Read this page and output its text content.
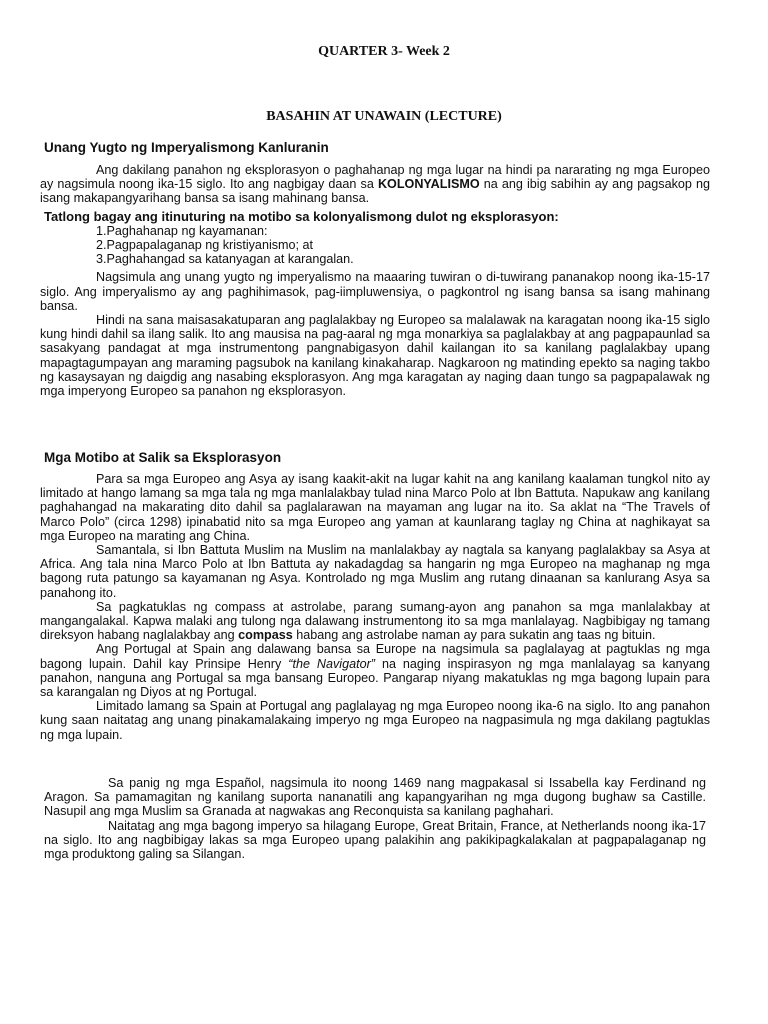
QUARTER 3- Week 2
BASAHIN AT UNAWAIN (LECTURE)
Unang Yugto ng Imperyalismong Kanluranin

Ang dakilang panahon ng eksplorasyon o paghahanap ng mga lugar na hindi pa nararating ng mga Europeo ay nagsimula noong ika-15 siglo. Ito ang nagbigay daan sa KOLONYALISMO na ang ibig sabihin ay ang pagsakop ng isang makapangyarihang bansa sa isang mahinang bansa.

Tatlong bagay ang itinuturing na motibo sa kolonyalismong dulot ng eksplorasyon:

1.Paghahanap ng kayamanan:
2.Pagpapalaganap ng kristiyanismo; at
3.Paghahangad sa katanyagan at karangalan.

Nagsimula ang unang yugto ng imperyalismo na maaaring tuwiran o di-tuwirang pananakop noong ika-15-17 siglo. Ang imperyalismo ay ang paghihimasok, pag-iimpluwensiya, o pagkontrol ng isang bansa sa isang mahinang bansa.

Hindi na sana maisasakatuparan ang paglalakbay ng Europeo sa malalawak na karagatan noong ika-15 siglo kung hindi dahil sa ilang salik. Ito ang mausisa na pag-aaral ng mga monarkiya sa paglalakbay at ang pagpapaunlad sa sasakyang pandagat at mga instrumentong pangnabigasyon dahil kailangan ito sa kanilang paglalakbay upang mapagtagumpayan ang maraming pagsubok na kanilang kinakaharap. Nagkaroon ng matinding epekto sa naging takbo ng kasaysayan ng daigdig ang nasabing eksplorasyon. Ang mga karagatan ay naging daan tungo sa pagpapalawak ng mga imperyong Europeo sa panahon ng eksplorasyon.

Mga Motibo at Salik sa Eksplorasyon

Para sa mga Europeo ang Asya ay isang kaakit-akit na lugar kahit na ang kanilang kaalaman tungkol nito ay limitado at hango lamang sa mga tala ng mga manlalakbay tulad nina Marco Polo at Ibn Battuta. Napukaw ang kanilang paghahangad na makarating dito dahil sa paglalarawan na mayaman ang lugar na ito. Sa aklat na “The Travels of Marco Polo” (circa 1298) ipinabatid nito sa mga Europeo ang yaman at kaunlarang taglay ng China at naghikayat sa mga Europeo na marating ang China.

Samantala, si Ibn Battuta Muslim na Muslim na manlalakbay ay nagtala sa kanyang paglalakbay sa Asya at Africa. Ang tala nina Marco Polo at Ibn Battuta ay nakadagdag sa hangarin ng mga Europeo na maghanap ng mga bagong ruta patungo sa kayamanan ng Asya. Kontrolado ng mga Muslim ang rutang dinaanan sa kanlurang Asya sa panahong ito.

Sa pagkatuklas ng compass at astrolabe, parang sumang-ayon ang panahon sa mga manlalakbay at mangangalakal. Kapwa malaki ang tulong nga dalawang instrumentong ito sa mga manlalayag. Nagbibigay ng tamang direksyon habang naglalakbay ang compass habang ang astrolabe naman ay para sukatin ang taas ng bituin.

Ang Portugal at Spain ang dalawang bansa sa Europe na nagsimula sa paglalayag at pagtuklas ng mga bagong lupain. Dahil kay Prinsipe Henry “the Navigator” na naging inspirasyon ng mga manlalayag sa kanyang panahon, nanguna ang Portugal sa mga bansang Europeo. Pangarap niyang makatuklas ng mga bagong lupain para sa karangalan ng Diyos at ng Portugal.

Limitado lamang sa Spain at Portugal ang paglalayag ng mga Europeo noong ika-6 na siglo. Ito ang panahon kung saan naitatag ang unang pinakamalakaing imperyo ng mga Europeo na nagpasimula ng mga dakilang pagtuklas ng mga lupain.

Sa panig ng mga Español, nagsimula ito noong 1469 nang magpakasal si Issabella kay Ferdinand ng Aragon. Sa pamamagitan ng kanilang suporta nananatili ang kapangyarihan ng mga dugong bughaw sa Castille. Nasupil ang mga Muslim sa Granada at nagwakas ang Reconquista sa kanilang paghahari.

Naitatag ang mga bagong imperyo sa hilagang Europe, Great Britain, France, at Netherlands noong ika-17 na siglo. Ito ang nagbibigay lakas sa mga Europeo upang palakihin ang pakikipagkalakalan at pagpapalaganap ng mga produktong galing sa Silangan.
